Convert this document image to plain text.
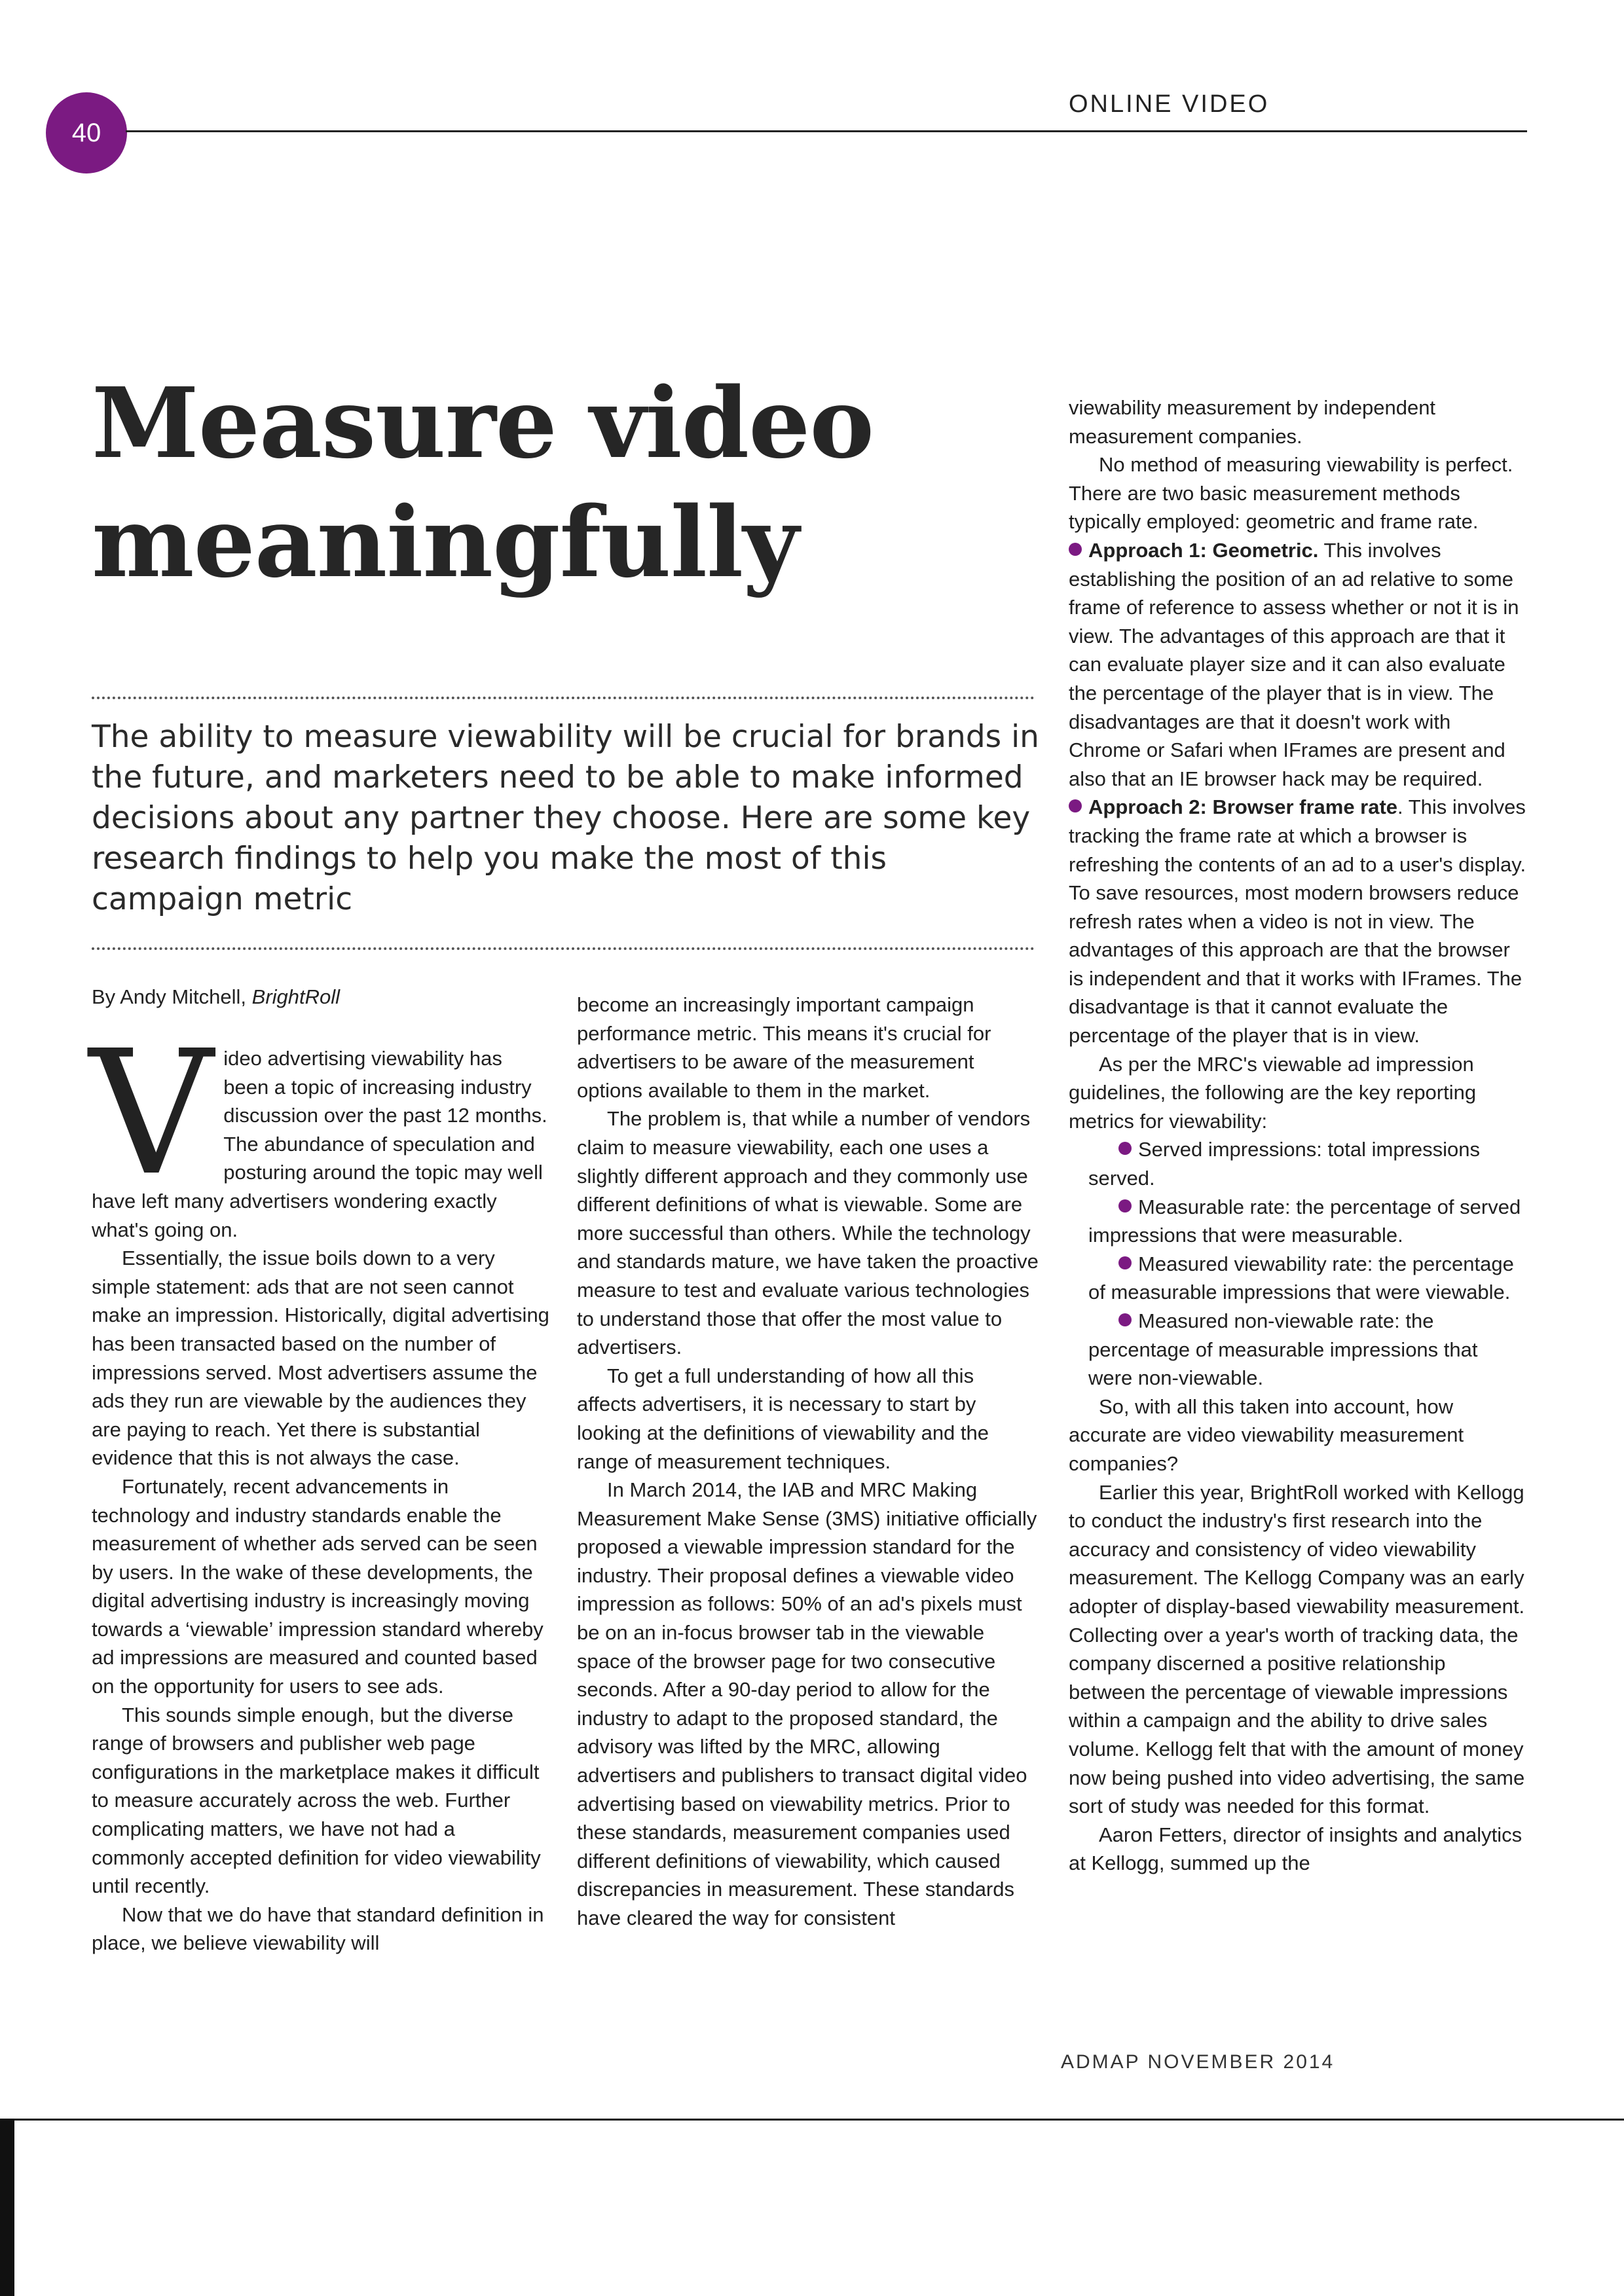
40
ONLINE VIDEO
Measure video
meaningfully

The ability to measure viewability will be crucial for brands in the future, and marketers need to be able to make informed decisions about any partner they choose. Here are some key research findings to help you make the most of this campaign metric

By Andy Mitchell, BrightRoll

Video advertising viewability has been a topic of increasing industry discussion over the past 12 months. The abundance of speculation and posturing around the topic may well have left many advertisers wondering exactly what's going on.

Essentially, the issue boils down to a very simple statement: ads that are not seen cannot make an impression. Historically, digital advertising has been transacted based on the number of impressions served. Most advertisers assume the ads they run are viewable by the audiences they are paying to reach. Yet there is substantial evidence that this is not always the case.

Fortunately, recent advancements in technology and industry standards enable the measurement of whether ads served can be seen by users. In the wake of these developments, the digital advertising industry is increasingly moving towards a ‘viewable’ impression standard whereby ad impressions are measured and counted based on the opportunity for users to see ads.

This sounds simple enough, but the diverse range of browsers and publisher web page configurations in the marketplace makes it difficult to measure accurately across the web. Further complicating matters, we have not had a commonly accepted definition for video viewability until recently.

Now that we do have that standard definition in place, we believe viewability will

become an increasingly important campaign performance metric. This means it's crucial for advertisers to be aware of the measurement options available to them in the market.

The problem is, that while a number of vendors claim to measure viewability, each one uses a slightly different approach and they commonly use different definitions of what is viewable. Some are more successful than others. While the technology and standards mature, we have taken the proactive measure to test and evaluate various technologies to understand those that offer the most value to advertisers.

To get a full understanding of how all this affects advertisers, it is necessary to start by looking at the definitions of viewability and the range of measurement techniques.

In March 2014, the IAB and MRC Making Measurement Make Sense (3MS) initiative officially proposed a viewable impression standard for the industry. Their proposal defines a viewable video impression as follows: 50% of an ad's pixels must be on an in-focus browser tab in the viewable space of the browser page for two consecutive seconds. After a 90-day period to allow for the industry to adapt to the proposed standard, the advisory was lifted by the MRC, allowing advertisers and publishers to transact digital video advertising based on viewability metrics. Prior to these standards, measurement companies used different definitions of viewability, which caused discrepancies in measurement. These standards have cleared the way for consistent

viewability measurement by independent measurement companies.

No method of measuring viewability is perfect. There are two basic measurement methods typically employed: geometric and frame rate.

Approach 1: Geometric. This involves establishing the position of an ad relative to some frame of reference to assess whether or not it is in view. The advantages of this approach are that it can evaluate player size and it can also evaluate the percentage of the player that is in view. The disadvantages are that it doesn't work with Chrome or Safari when IFrames are present and also that an IE browser hack may be required.

Approach 2: Browser frame rate. This involves tracking the frame rate at which a browser is refreshing the contents of an ad to a user's display. To save resources, most modern browsers reduce refresh rates when a video is not in view. The advantages of this approach are that the browser is independent and that it works with IFrames. The disadvantage is that it cannot evaluate the percentage of the player that is in view.

As per the MRC's viewable ad impression guidelines, the following are the key reporting metrics for viewability:

Served impressions: total impressions served.

Measurable rate: the percentage of served impressions that were measurable.

Measured viewability rate: the percentage of measurable impressions that were viewable.

Measured non-viewable rate: the percentage of measurable impressions that were non-viewable.

So, with all this taken into account, how accurate are video viewability measurement companies?

Earlier this year, BrightRoll worked with Kellogg to conduct the industry's first research into the accuracy and consistency of video viewability measurement. The Kellogg Company was an early adopter of display-based viewability measurement. Collecting over a year's worth of tracking data, the company discerned a positive relationship between the percentage of viewable impressions within a campaign and the ability to drive sales volume. Kellogg felt that with the amount of money now being pushed into video advertising, the same sort of study was needed for this format.

Aaron Fetters, director of insights and analytics at Kellogg, summed up the

ADMAP NOVEMBER 2014
